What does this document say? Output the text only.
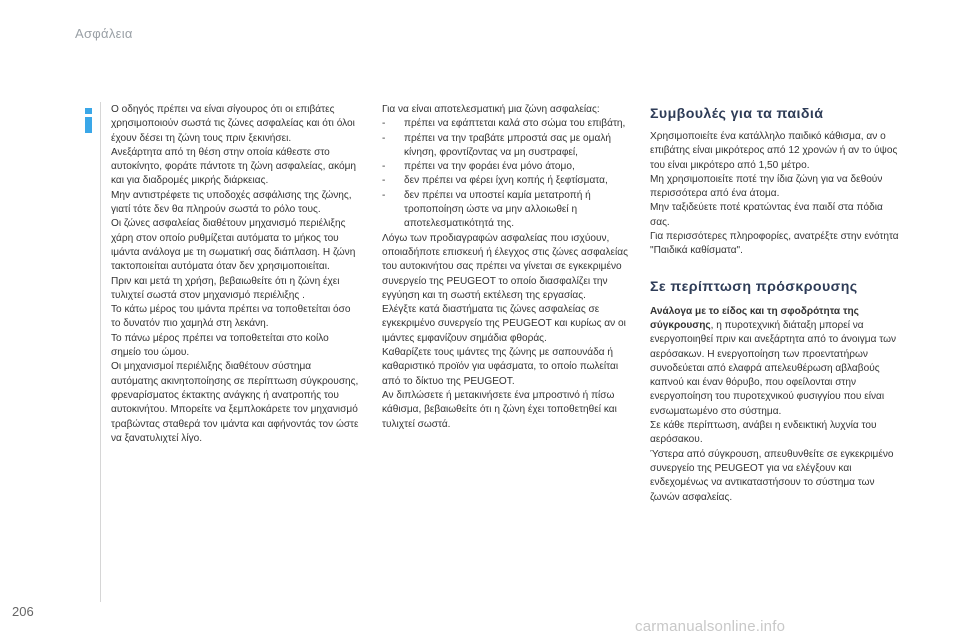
Ασφάλεια

Ο οδηγός πρέπει να είναι σίγουρος ότι οι επιβάτες χρησιμοποιούν σωστά τις ζώνες ασφαλείας και ότι όλοι έχουν δέσει τη ζώνη τους πριν ξεκινήσει.

Ανεξάρτητα από τη θέση στην οποία κάθεστε στο αυτοκίνητο, φοράτε πάντοτε τη ζώνη ασφαλείας, ακόμη και για διαδρομές μικρής διάρκειας.

Μην αντιστρέφετε τις υποδοχές ασφάλισης της ζώνης, γιατί τότε δεν θα πληρούν σωστά το ρόλο τους.

Οι ζώνες ασφαλείας διαθέτουν μηχανισμό περιέλιξης χάρη στον οποίο ρυθμίζεται αυτόματα το μήκος του ιμάντα ανάλογα με τη σωματική σας διάπλαση. Η ζώνη τακτοποιείται αυτόματα όταν δεν χρησιμοποιείται.

Πριν και μετά τη χρήση, βεβαιωθείτε ότι η ζώνη έχει τυλιχτεί σωστά στον μηχανισμό περιέλιξης .

Το κάτω μέρος του ιμάντα πρέπει να τοποθετείται όσο το δυνατόν πιο χαμηλά στη λεκάνη.

Το πάνω μέρος πρέπει να τοποθετείται στο κοίλο σημείο του ώμου.

Οι μηχανισμοί περιέλιξης διαθέτουν σύστημα αυτόματης ακινητοποίησης σε περίπτωση σύγκρουσης, φρεναρίσματος έκτακτης ανάγκης ή ανατροπής του αυτοκινήτου. Μπορείτε να ξεμπλοκάρετε τον μηχανισμό τραβώντας σταθερά τον ιμάντα και αφήνοντάς τον ώστε να ξανατυλιχτεί λίγο.

Για να είναι αποτελεσματική μια ζώνη ασφαλείας:

-	πρέπει να εφάπτεται καλά στο σώμα του επιβάτη,
-	πρέπει να την τραβάτε μπροστά σας με ομαλή κίνηση, φροντίζοντας να μη συστραφεί,
-	πρέπει να την φοράει ένα μόνο άτομο,
-	δεν πρέπει να φέρει ίχνη κοπής ή ξεφτίσματα,
-	δεν πρέπει να υποστεί καμία μετατροπή ή τροποποίηση ώστε να μην αλλοιωθεί η αποτελεσματικότητά της.

Λόγω των προδιαγραφών ασφαλείας που ισχύουν, οποιαδήποτε επισκευή ή έλεγχος στις ζώνες ασφαλείας του αυτοκινήτου σας πρέπει να γίνεται σε εγκεκριμένο συνεργείο της PEUGEOT το οποίο διασφαλίζει την εγγύηση και τη σωστή εκτέλεση της εργασίας.

Ελέγξτε κατά διαστήματα τις ζώνες ασφαλείας σε εγκεκριμένο συνεργείο της PEUGEOT και κυρίως αν οι ιμάντες εμφανίζουν σημάδια φθοράς.

Καθαρίζετε τους ιμάντες της ζώνης με σαπουνάδα ή καθαριστικό προϊόν για υφάσματα, το οποίο πωλείται από το δίκτυο της PEUGEOT.

Αν διπλώσετε ή μετακινήσετε ένα μπροστινό ή πίσω κάθισμα, βεβαιωθείτε ότι η ζώνη έχει τοποθετηθεί και τυλιχτεί σωστά.

Συμβουλές για τα παιδιά

Χρησιμοποιείτε ένα κατάλληλο παιδικό κάθισμα, αν ο επιβάτης είναι μικρότερος από 12 χρονών ή αν το ύψος του είναι μικρότερο από 1,50 μέτρο.

Μη χρησιμοποιείτε ποτέ την ίδια ζώνη για να δεθούν περισσότερα από ένα άτομα.

Μην ταξιδεύετε ποτέ κρατώντας ένα παιδί στα πόδια σας.

Για περισσότερες πληροφορίες, ανατρέξτε στην ενότητα "Παιδικά καθίσματα".

Σε περίπτωση πρόσκρουσης

Ανάλογα με το είδος και τη σφοδρότητα της σύγκρουσης, η πυροτεχνική διάταξη μπορεί να ενεργοποιηθεί πριν και ανεξάρτητα από το άνοιγμα των αερόσακων. Η ενεργοποίηση των προεντατήρων συνοδεύεται από ελαφρά απελευθέρωση αβλαβούς καπνού και έναν θόρυβο, που οφείλονται στην ενεργοποίηση του πυροτεχνικού φυσιγγίου που είναι ενσωματωμένο στο σύστημα.

Σε κάθε περίπτωση, ανάβει η ενδεικτική λυχνία του αερόσακου.

Ύστερα από σύγκρουση, απευθυνθείτε σε εγκεκριμένο συνεργείο της PEUGEOT για να ελέγξουν και ενδεχομένως να αντικαταστήσουν το σύστημα των ζωνών ασφαλείας.

206
carmanualsonline.info
